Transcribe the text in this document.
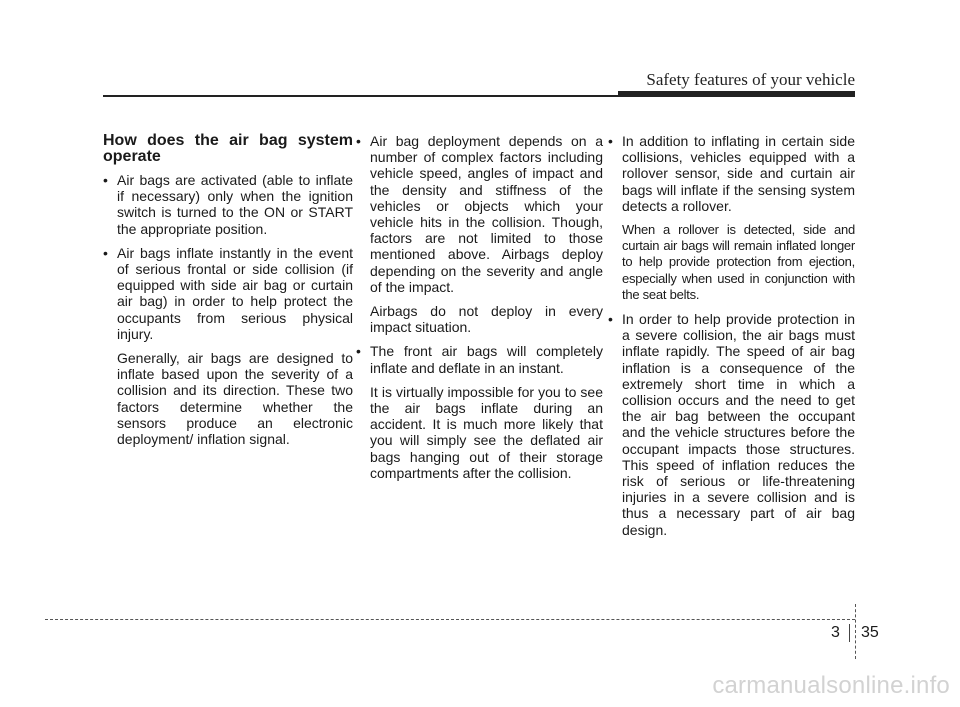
Safety features of your vehicle
How does the air bag system operate
• Air bags are activated (able to inflate if necessary) only when the ignition switch is turned to the ON or START the appropriate position.
• Air bags inflate instantly in the event of serious frontal or side collision (if equipped with side air bag or curtain air bag) in order to help protect the occupants from serious physical injury.
Generally, air bags are designed to inflate based upon the severity of a collision and its direction. These two factors determine whether the sensors produce an electronic deployment/ inflation signal.
• Air bag deployment depends on a number of complex factors including vehicle speed, angles of impact and the density and stiffness of the vehicles or objects which your vehicle hits in the collision. Though, factors are not limited to those mentioned above. Airbags deploy depending on the severity and angle of the impact.
Airbags do not deploy in every impact situation.
• The front air bags will completely inflate and deflate in an instant.
It is virtually impossible for you to see the air bags inflate during an accident. It is much more likely that you will simply see the deflated air bags hanging out of their storage compartments after the collision.
• In addition to inflating in certain side collisions, vehicles equipped with a rollover sensor, side and curtain air bags will inflate if the sensing system detects a rollover.
When a rollover is detected, side and curtain air bags will remain inflated longer to help provide protection from ejection, especially when used in conjunction with the seat belts.
• In order to help provide protection in a severe collision, the air bags must inflate rapidly. The speed of air bag inflation is a consequence of the extremely short time in which a collision occurs and the need to get the air bag between the occupant and the vehicle structures before the occupant impacts those structures. This speed of inflation reduces the risk of serious or life-threatening injuries in a severe collision and is thus a necessary part of air bag design.
3 35
carmanualsonline.info
